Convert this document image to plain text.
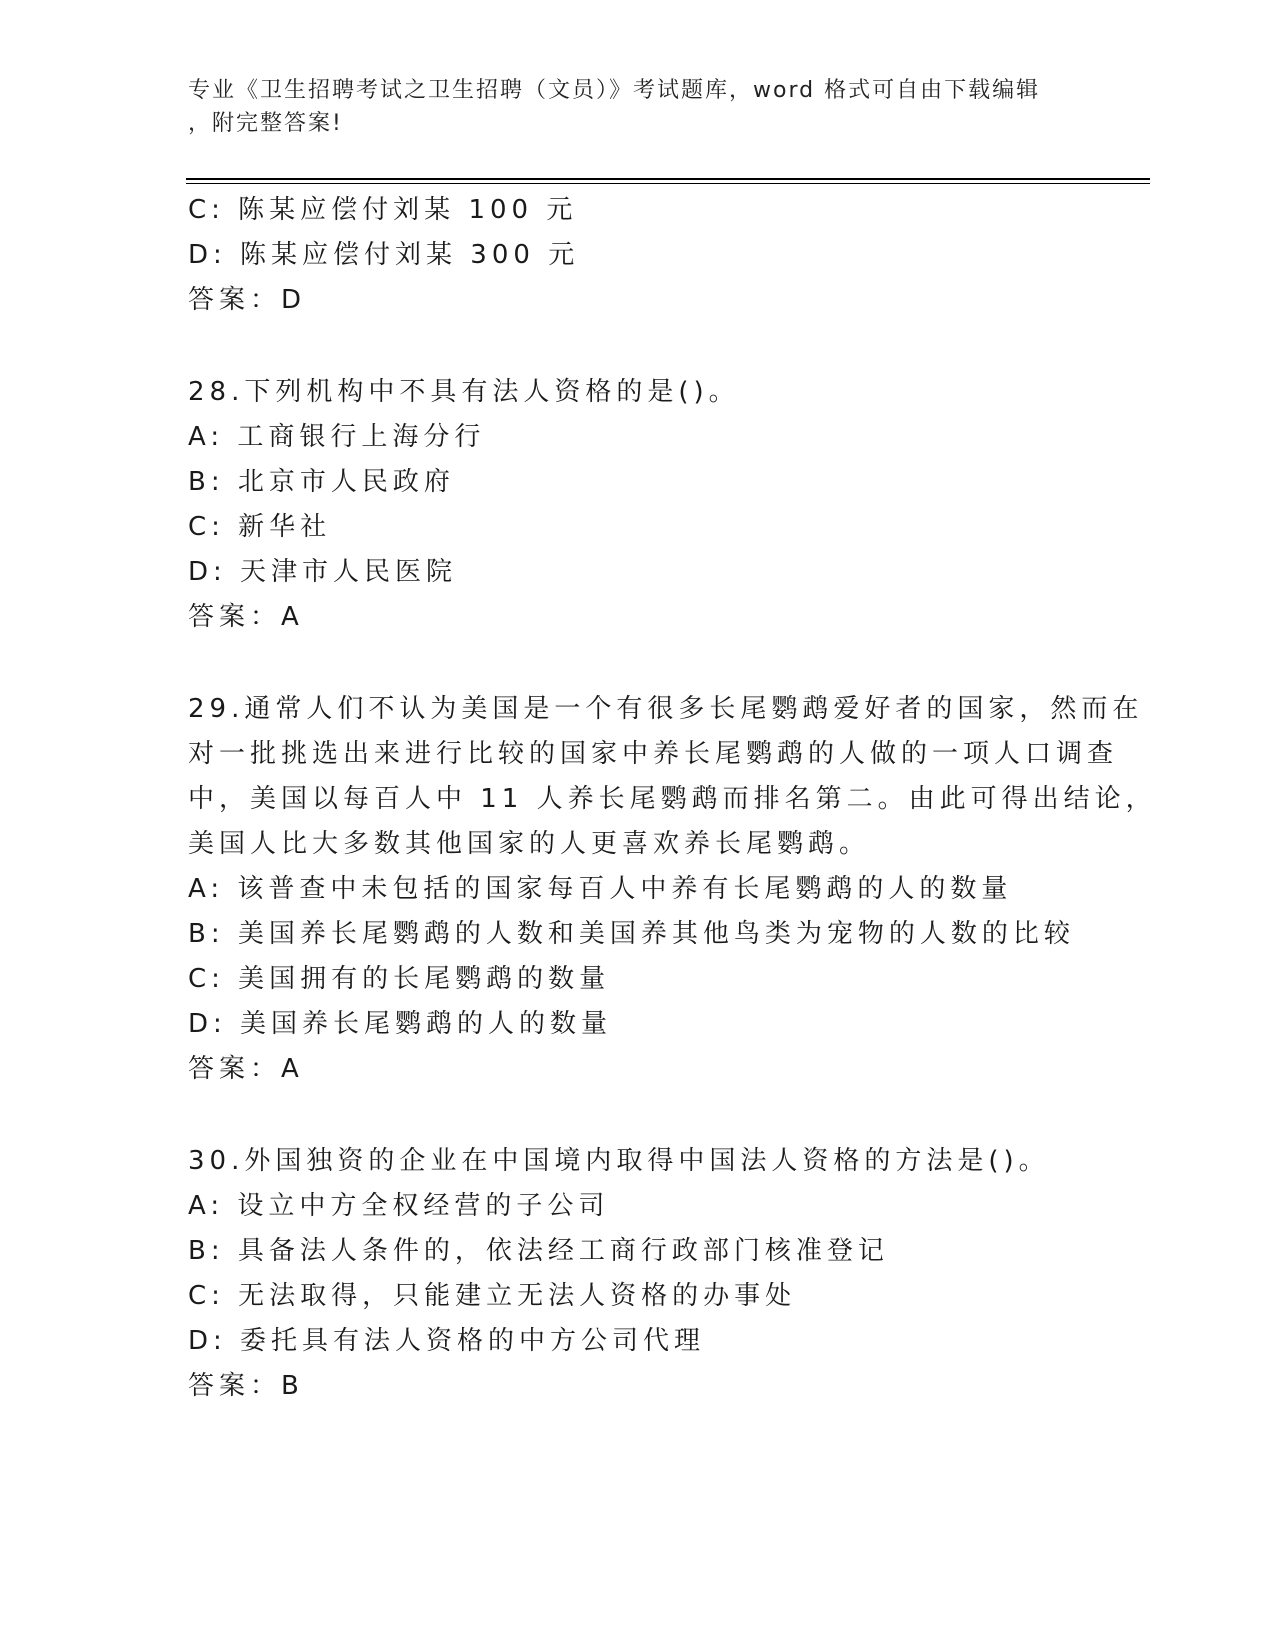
专业《卫生招聘考试之卫生招聘（文员）》考试题库，word 格式可自由下载编辑
，附完整答案!
C: 陈某应偿付刘某 100 元
D: 陈某应偿付刘某 300 元
答案：D
28.下列机构中不具有法人资格的是()。
A: 工商银行上海分行
B: 北京市人民政府
C: 新华社
D: 天津市人民医院
答案：A
29.通常人们不认为美国是一个有很多长尾鹦鹉爱好者的国家，然而在
对一批挑选出来进行比较的国家中养长尾鹦鹉的人做的一项人口调查
中，美国以每百人中 11 人养长尾鹦鹉而排名第二。由此可得出结论，
美国人比大多数其他国家的人更喜欢养长尾鹦鹉。
A: 该普查中未包括的国家每百人中养有长尾鹦鹉的人的数量
B: 美国养长尾鹦鹉的人数和美国养其他鸟类为宠物的人数的比较
C: 美国拥有的长尾鹦鹉的数量
D: 美国养长尾鹦鹉的人的数量
答案：A
30.外国独资的企业在中国境内取得中国法人资格的方法是()。
A: 设立中方全权经营的子公司
B: 具备法人条件的，依法经工商行政部门核准登记
C: 无法取得，只能建立无法人资格的办事处
D: 委托具有法人资格的中方公司代理
答案：B
